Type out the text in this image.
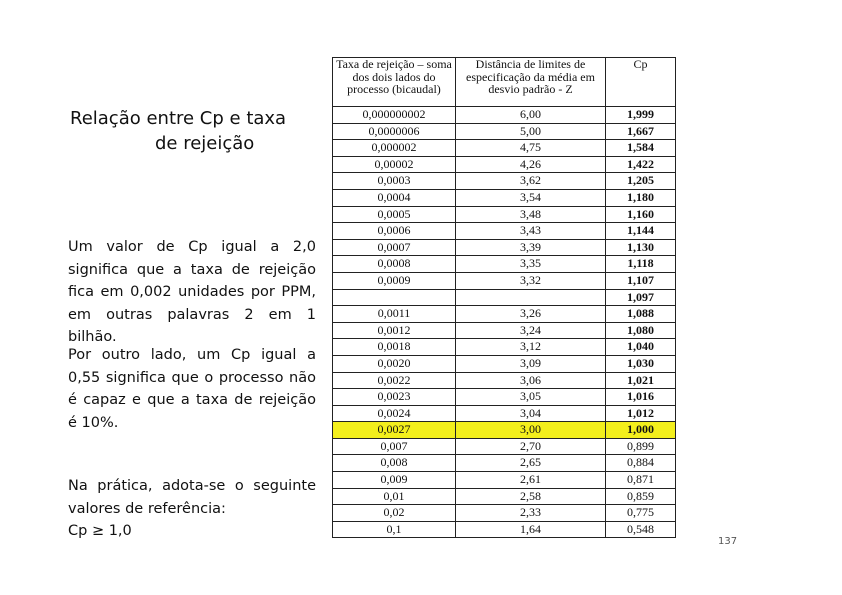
Relação entre Cp e taxa
de rejeição
Um valor de Cp igual a 2,0 significa que a taxa de rejeição fica em 0,002 unidades por PPM, em outras palavras 2 em 1 bilhão.
Por outro lado, um Cp igual a 0,55 significa que o processo não é capaz e que a taxa de rejeição é 10%.
Na prática, adota-se o seguinte valores de referência:
Cp ≥ 1,0
Taxa de rejeição – soma dos dois lados do processo (bicaudal)	Distância de limites de especificação da média em desvio padrão - Z	Cp
0,000000002	6,00	1,999
0,0000006	5,00	1,667
0,000002	4,75	1,584
0,00002	4,26	1,422
0,0003	3,62	1,205
0,0004	3,54	1,180
0,0005	3,48	1,160
0,0006	3,43	1,144
0,0007	3,39	1,130
0,0008	3,35	1,118
0,0009	3,32	1,107
		1,097
0,0011	3,26	1,088
0,0012	3,24	1,080
0,0018	3,12	1,040
0,0020	3,09	1,030
0,0022	3,06	1,021
0,0023	3,05	1,016
0,0024	3,04	1,012
0,0027	3,00	1,000
0,007	2,70	0,899
0,008	2,65	0,884
0,009	2,61	0,871
0,01	2,58	0,859
0,02	2,33	0,775
0,1	1,64	0,548
137
